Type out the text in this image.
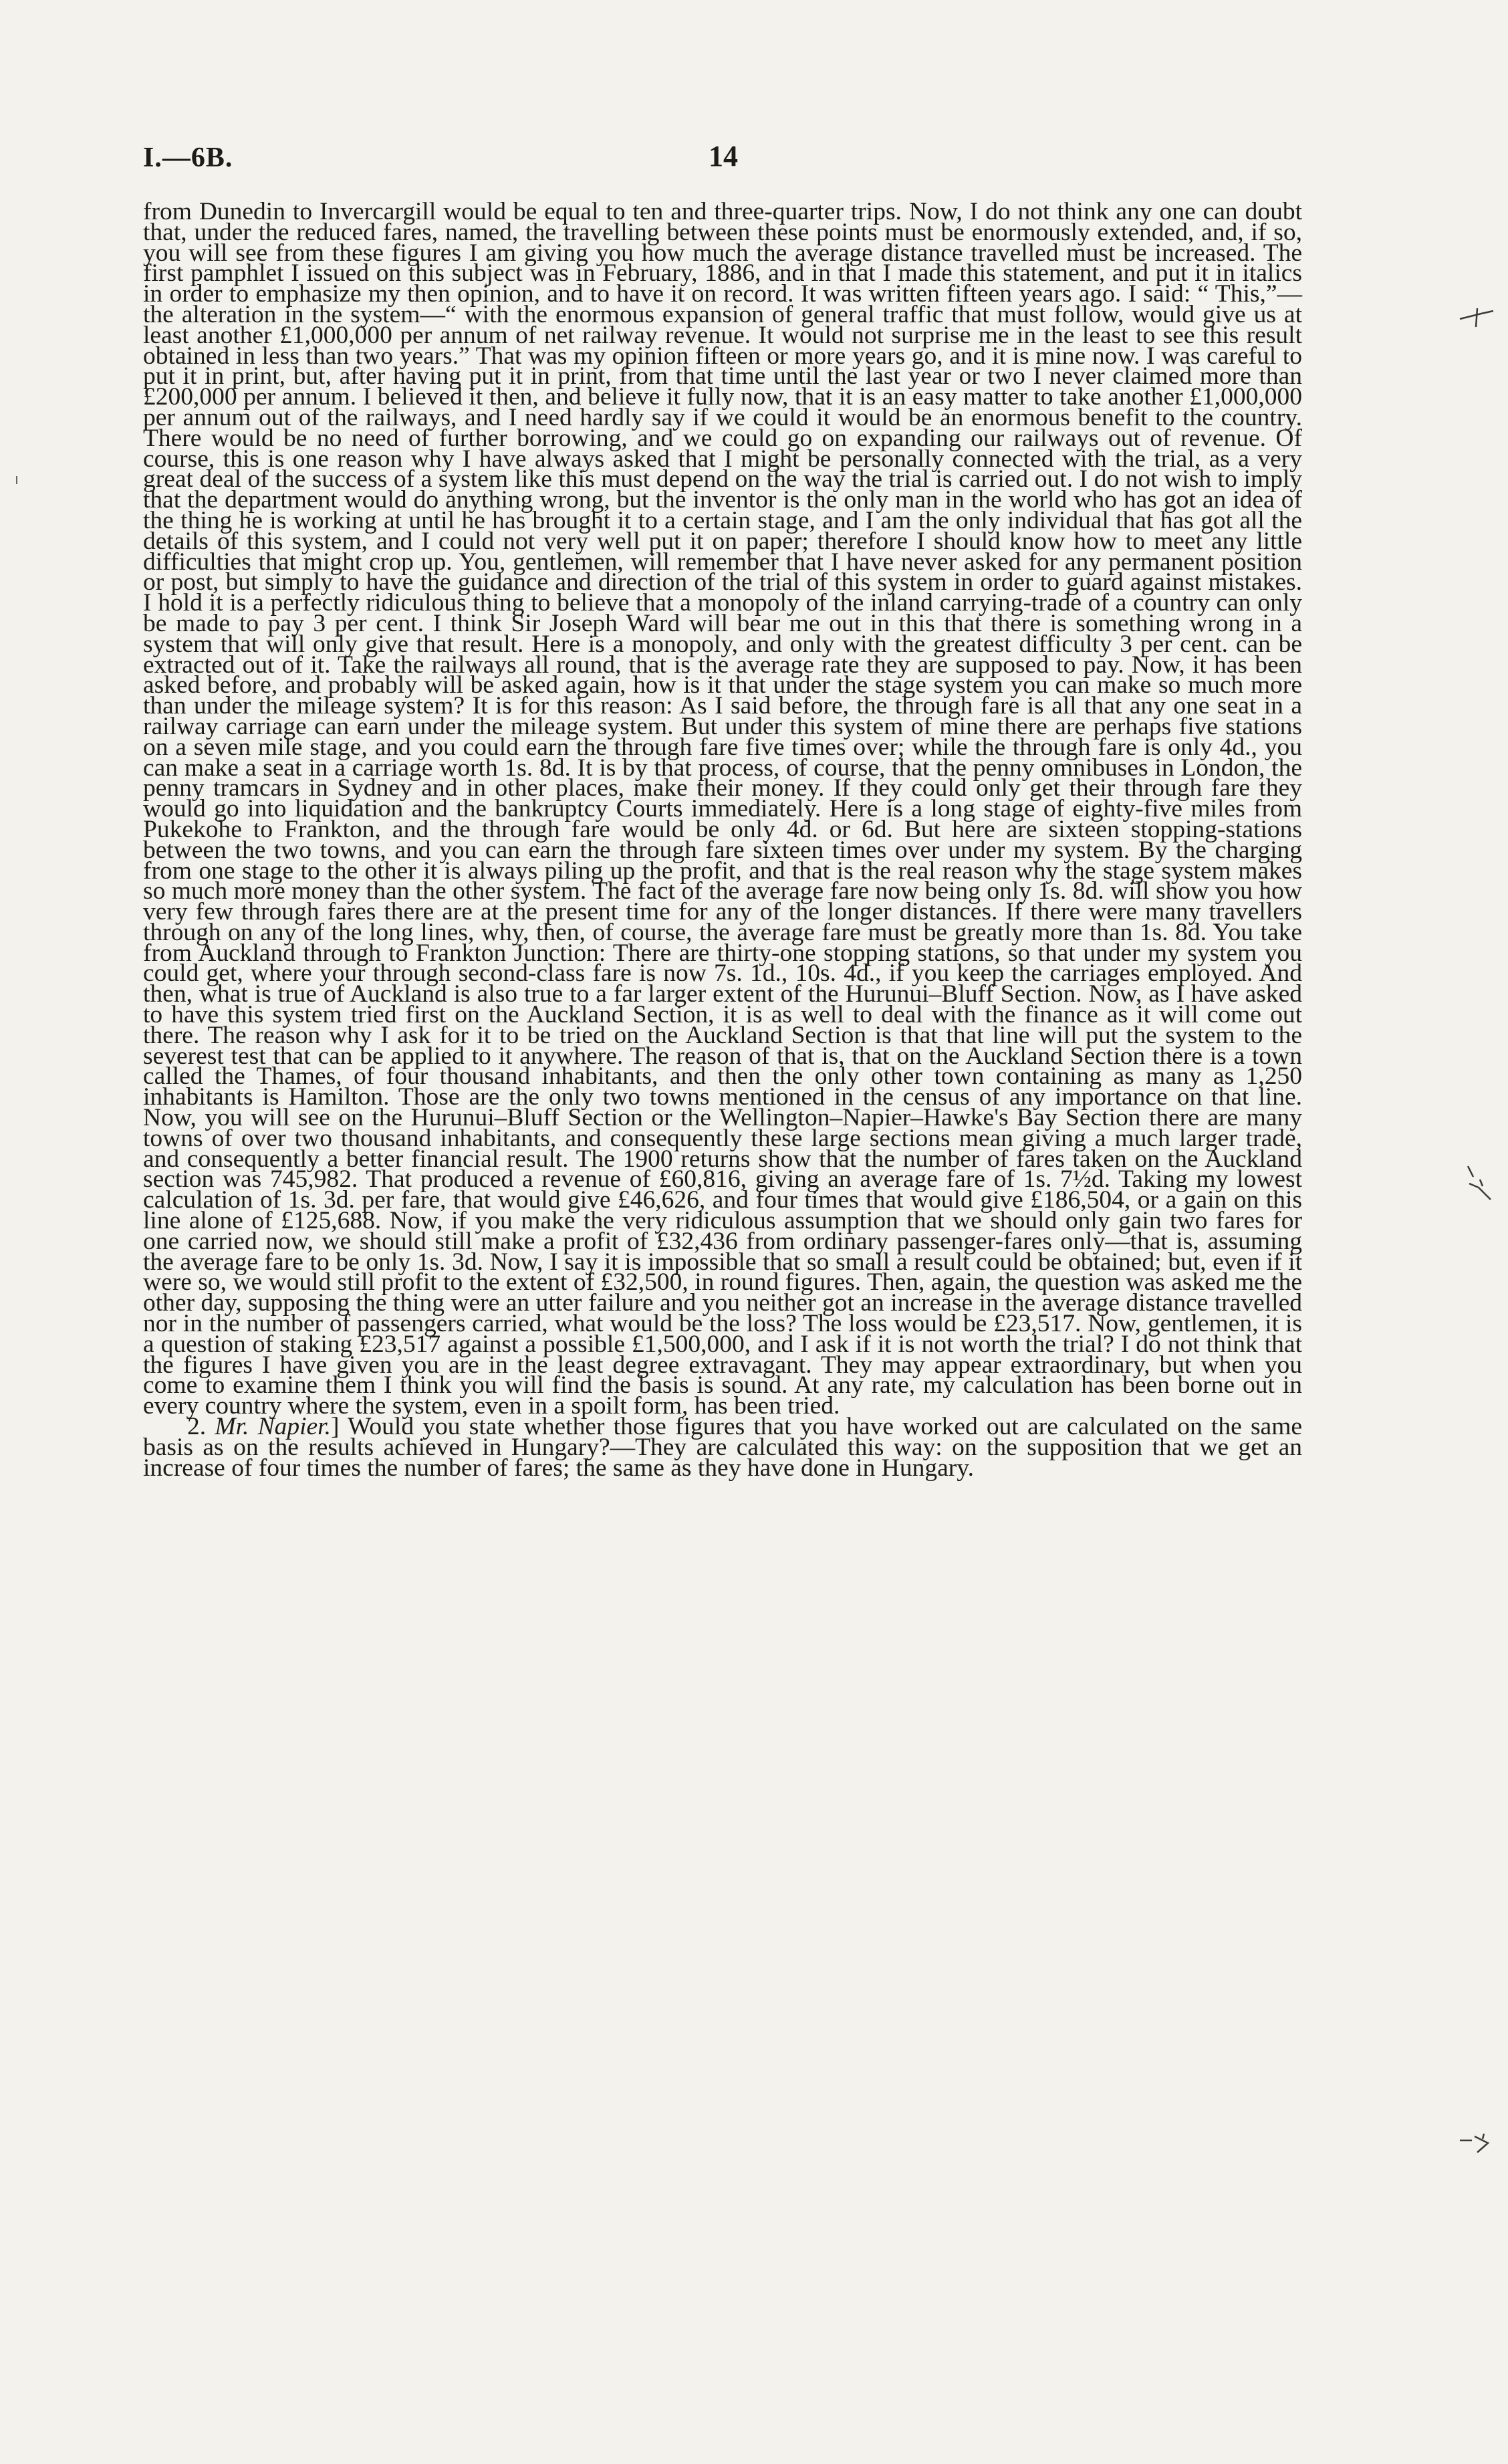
I.—6B.	14

from Dunedin to Invercargill would be equal to ten and three-quarter trips. Now, I do not think any one can doubt that, under the reduced fares, named, the travelling between these points must be enormously extended, and, if so, you will see from these figures I am giving you how much the average distance travelled must be increased. The first pamphlet I issued on this subject was in February, 1886, and in that I made this statement, and put it in italics in order to emphasize my then opinion, and to have it on record. It was written fifteen years ago. I said: “ This,”—the alteration in the system—“ with the enormous expansion of general traffic that must follow, would give us at least another £1,000,000 per annum of net railway revenue. It would not surprise me in the least to see this result obtained in less than two years.” That was my opinion fifteen or more years go, and it is mine now. I was careful to put it in print, but, after having put it in print, from that time until the last year or two I never claimed more than £200,000 per annum. I believed it then, and believe it fully now, that it is an easy matter to take another £1,000,000 per annum out of the railways, and I need hardly say if we could it would be an enormous benefit to the country. There would be no need of further borrowing, and we could go on expanding our railways out of revenue. Of course, this is one reason why I have always asked that I might be personally connected with the trial, as a very great deal of the success of a system like this must depend on the way the trial is carried out. I do not wish to imply that the department would do anything wrong, but the inventor is the only man in the world who has got an idea of the thing he is working at until he has brought it to a certain stage, and I am the only individual that has got all the details of this system, and I could not very well put it on paper; therefore I should know how to meet any little difficulties that might crop up. You, gentlemen, will remember that I have never asked for any permanent position or post, but simply to have the guidance and direction of the trial of this system in order to guard against mistakes. I hold it is a perfectly ridiculous thing to believe that a monopoly of the inland carrying-trade of a country can only be made to pay 3 per cent. I think Sir Joseph Ward will bear me out in this that there is something wrong in a system that will only give that result. Here is a monopoly, and only with the greatest difficulty 3 per cent. can be extracted out of it. Take the railways all round, that is the average rate they are supposed to pay. Now, it has been asked before, and probably will be asked again, how is it that under the stage system you can make so much more than under the mileage system? It is for this reason: As I said before, the through fare is all that any one seat in a railway carriage can earn under the mileage system. But under this system of mine there are perhaps five stations on a seven mile stage, and you could earn the through fare five times over; while the through fare is only 4d., you can make a seat in a carriage worth 1s. 8d. It is by that process, of course, that the penny omnibuses in London, the penny tramcars in Sydney and in other places, make their money. If they could only get their through fare they would go into liquidation and the bankruptcy Courts immediately. Here is a long stage of eighty-five miles from Pukekohe to Frankton, and the through fare would be only 4d. or 6d. But here are sixteen stopping-stations between the two towns, and you can earn the through fare sixteen times over under my system. By the charging from one stage to the other it is always piling up the profit, and that is the real reason why the stage system makes so much more money than the other system. The fact of the average fare now being only 1s. 8d. will show you how very few through fares there are at the present time for any of the longer distances. If there were many travellers through on any of the long lines, why, then, of course, the average fare must be greatly more than 1s. 8d. You take from Auckland through to Frankton Junction: There are thirty-one stopping stations, so that under my system you could get, where your through second-class fare is now 7s. 1d., 10s. 4d., if you keep the carriages employed. And then, what is true of Auckland is also true to a far larger extent of the Hurunui–Bluff Section. Now, as I have asked to have this system tried first on the Auckland Section, it is as well to deal with the finance as it will come out there. The reason why I ask for it to be tried on the Auckland Section is that that line will put the system to the severest test that can be applied to it anywhere. The reason of that is, that on the Auckland Section there is a town called the Thames, of four thousand inhabitants, and then the only other town containing as many as 1,250 inhabitants is Hamilton. Those are the only two towns mentioned in the census of any importance on that line. Now, you will see on the Hurunui–Bluff Section or the Wellington–Napier–Hawke's Bay Section there are many towns of over two thousand inhabitants, and consequently these large sections mean giving a much larger trade, and consequently a better financial result. The 1900 returns show that the number of fares taken on the Auckland section was 745,982. That produced a revenue of £60,816, giving an average fare of 1s. 7½d. Taking my lowest calculation of 1s. 3d. per fare, that would give £46,626, and four times that would give £186,504, or a gain on this line alone of £125,688. Now, if you make the very ridiculous assumption that we should only gain two fares for one carried now, we should still make a profit of £32,436 from ordinary passenger-fares only—that is, assuming the average fare to be only 1s. 3d. Now, I say it is impossible that so small a result could be obtained; but, even if it were so, we would still profit to the extent of £32,500, in round figures. Then, again, the question was asked me the other day, supposing the thing were an utter failure and you neither got an increase in the average distance travelled nor in the number of passengers carried, what would be the loss? The loss would be £23,517. Now, gentlemen, it is a question of staking £23,517 against a possible £1,500,000, and I ask if it is not worth the trial? I do not think that the figures I have given you are in the least degree extravagant. They may appear extraordinary, but when you come to examine them I think you will find the basis is sound. At any rate, my calculation has been borne out in every country where the system, even in a spoilt form, has been tried.

2. Mr. Napier.] Would you state whether those figures that you have worked out are calculated on the same basis as on the results achieved in Hungary?—They are calculated this way: on the supposition that we get an increase of four times the number of fares; the same as they have done in Hungary.
